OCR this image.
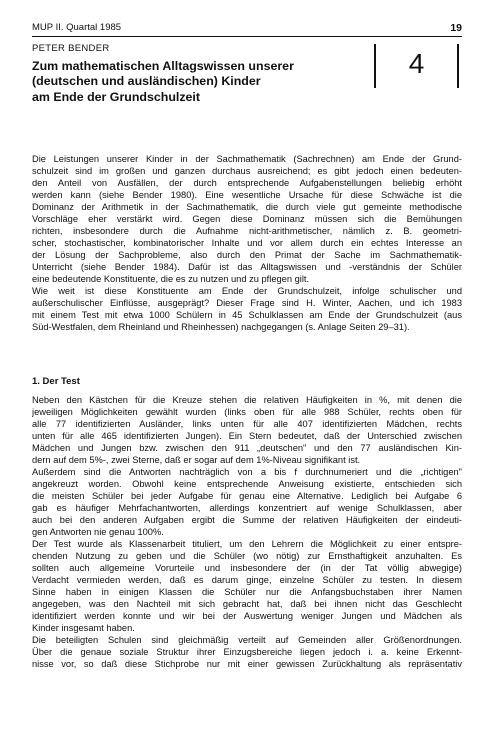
MUP II. Quartal 1985	19
PETER BENDER
Zum mathematischen Alltagswissen unserer
(deutschen und ausländischen) Kinder
am Ende der Grundschulzeit
4
Die Leistungen unserer Kinder in der Sachmathematik (Sachrechnen) am Ende der Grund-
schulzeit sind im großen und ganzen durchaus ausreichend; es gibt jedoch einen bedeuten-
den Anteil von Ausfällen, der durch entsprechende Aufgabenstellungen beliebig erhöht
werden kann (siehe Bender 1980). Eine wesentliche Ursache für diese Schwäche ist die
Dominanz der Arithmetik in der Sachmathematik, die durch viele gut gemeinte methodische
Vorschläge eher verstärkt wird. Gegen diese Dominanz müssen sich die Bemühungen
richten, insbesondere durch die Aufnahme nicht-arithmetischer, nämlich z. B. geometri-
scher, stochastischer, kombinatorischer Inhalte und vor allem durch ein echtes Interesse an
der Lösung der Sachprobleme, also durch den Primat der Sache im Sachmathematik-
Unterricht (siehe Bender 1984). Dafür ist das Alltagswissen und -verständnis der Schüler
eine bedeutende Konstituente, die es zu nutzen und zu pflegen gilt.
Wie weit ist diese Konstituente am Ende der Grundschulzeit, infolge schulischer und
außerschulischer Einflüsse, ausgeprägt? Dieser Frage sind H. Winter, Aachen, und ich 1983
mit einem Test mit etwa 1000 Schülern in 45 Schulklassen am Ende der Grundschulzeit (aus
Süd-Westfalen, dem Rheinland und Rheinhessen) nachgegangen (s. Anlage Seiten 29–31).
1. Der Test
Neben den Kästchen für die Kreuze stehen die relativen Häufigkeiten in %, mit denen die
jeweiligen Möglichkeiten gewählt wurden (links oben für alle 988 Schüler, rechts oben für
alle 77 identifizierten Ausländer, links unten für alle 407 identifizierten Mädchen, rechts
unten für alle 465 identifizierten Jungen). Ein Stern bedeutet, daß der Unterschied zwischen
Mädchen und Jungen bzw. zwischen den 911 „deutschen" und den 77 ausländischen Kin-
dern auf dem 5%-, zwei Sterne, daß er sogar auf dem 1%-Niveau signifikant ist.
Außerdem sind die Antworten nachträglich von a bis f durchnumeriert und die „richtigen"
angekreuzt worden. Obwohl keine entsprechende Anweisung existierte, entschieden sich
die meisten Schüler bei jeder Aufgabe für genau eine Alternative. Lediglich bei Aufgabe 6
gab es häufiger Mehrfachantworten, allerdings konzentriert auf wenige Schulklassen, aber
auch bei den anderen Aufgaben ergibt die Summe der relativen Häufigkeiten der eindeuti-
gen Antworten nie genau 100%.
Der Test wurde als Klassenarbeit tituliert, um den Lehrern die Möglichkeit zu einer entspre-
chenden Nutzung zu geben und die Schüler (wo nötig) zur Ernsthaftigkeit anzuhalten. Es
sollten auch allgemeine Vorurteile und insbesondere der (in der Tat völlig abwegige)
Verdacht vermieden werden, daß es darum ginge, einzelne Schüler zu testen. In diesem
Sinne haben in einigen Klassen die Schüler nur die Anfangsbuchstaben ihrer Namen
angegeben, was den Nachteil mit sich gebracht hat, daß bei ihnen nicht das Geschlecht
identifiziert werden konnte und wir bei der Auswertung weniger Jungen und Mädchen als
Kinder insgesamt haben.
Die beteiligten Schulen sind gleichmäßig verteilt auf Gemeinden aller Größenordnungen.
Über die genaue soziale Struktur ihrer Einzugsbereiche liegen jedoch i. a. keine Erkennt-
nisse vor, so daß diese Stichprobe nur mit einer gewissen Zurückhaltung als repräsentativ
